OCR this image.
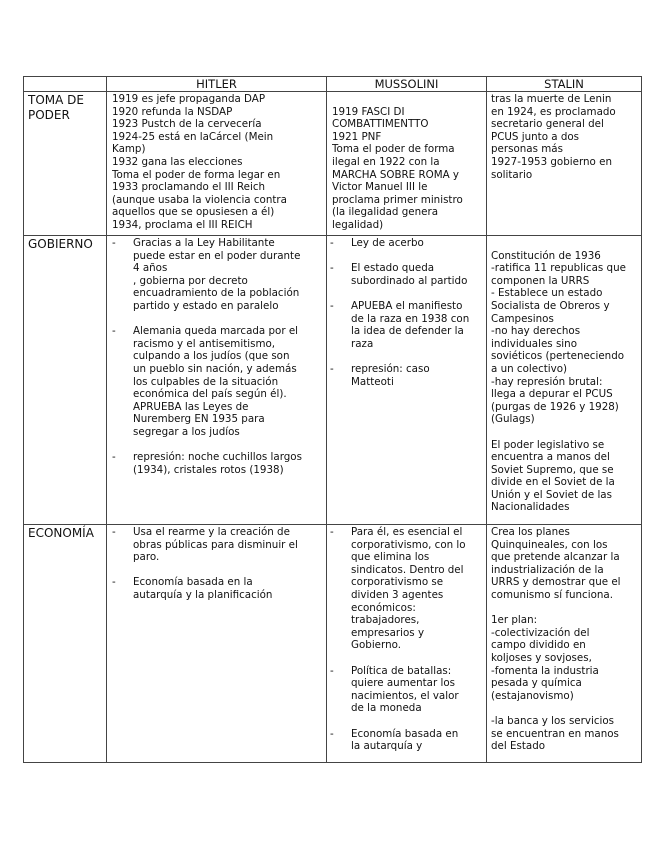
HITLER	MUSSOLINI	STALIN
TOMA DE
PODER
GOBIERNO
ECONOMÍA
1919 es jefe propaganda DAP
1920 refunda la NSDAP
1923 Pustch de la cervecería
1924-25 está en laCárcel (Mein
Kamp)
1932 gana las elecciones
Toma el poder de forma legar en
1933 proclamando el III Reich
(aunque usaba la violencia contra
aquellos que se opusiesen a él)
1934, proclama el III REICH
1919 FASCI DI
COMBATTIMENTTO
1921 PNF
Toma el poder de forma
ilegal en 1922 con la
MARCHA SOBRE ROMA y
Victor Manuel III le
proclama primer ministro
(la ilegalidad genera
legalidad)
tras la muerte de Lenin
en 1924, es proclamado
secretario general del
PCUS junto a dos
personas más
1927-1953 gobierno en
solitario
- Gracias a la Ley Habilitante
puede estar en el poder durante
4 años
, gobierna por decreto
encuadramiento de la población
partido y estado en paralelo
- Alemania queda marcada por el
racismo y el antisemitismo,
culpando a los judíos (que son
un pueblo sin nación, y además
los culpables de la situación
económica del país según él).
APRUEBA las Leyes de
Nuremberg EN 1935 para
segregar a los judíos
- represión: noche cuchillos largos
(1934), cristales rotos (1938)
- Ley de acerbo
- El estado queda
subordinado al partido
- APUEBA el manifiesto
de la raza en 1938 con
la idea de defender la
raza
- represión: caso
Matteoti
Constitución de 1936
-ratifica 11 republicas que
componen la URRS
- Establece un estado
Socialista de Obreros y
Campesinos
-no hay derechos
individuales sino
soviéticos (perteneciendo
a un colectivo)
-hay represión brutal:
llega a depurar el PCUS
(purgas de 1926 y 1928)
(Gulags)
El poder legislativo se
encuentra a manos del
Soviet Supremo, que se
divide en el Soviet de la
Unión y el Soviet de las
Nacionalidades
- Usa el rearme y la creación de
obras públicas para disminuir el
paro.
- Economía basada en la
autarquía y la planificación
- Para él, es esencial el
corporativismo, con lo
que elimina los
sindicatos. Dentro del
corporativismo se
dividen 3 agentes
económicos:
trabajadores,
empresarios y
Gobierno.
- Política de batallas:
quiere aumentar los
nacimientos, el valor
de la moneda
- Economía basada en
la autarquía y
Crea los planes
Quinquineales, con los
que pretende alcanzar la
industrialización de la
URRS y demostrar que el
comunismo sí funciona.
1er plan:
-colectivización del
campo dividido en
koljoses y sovjoses,
-fomenta la industria
pesada y química
(estajanovismo)
-la banca y los servicios
se encuentran en manos
del Estado
